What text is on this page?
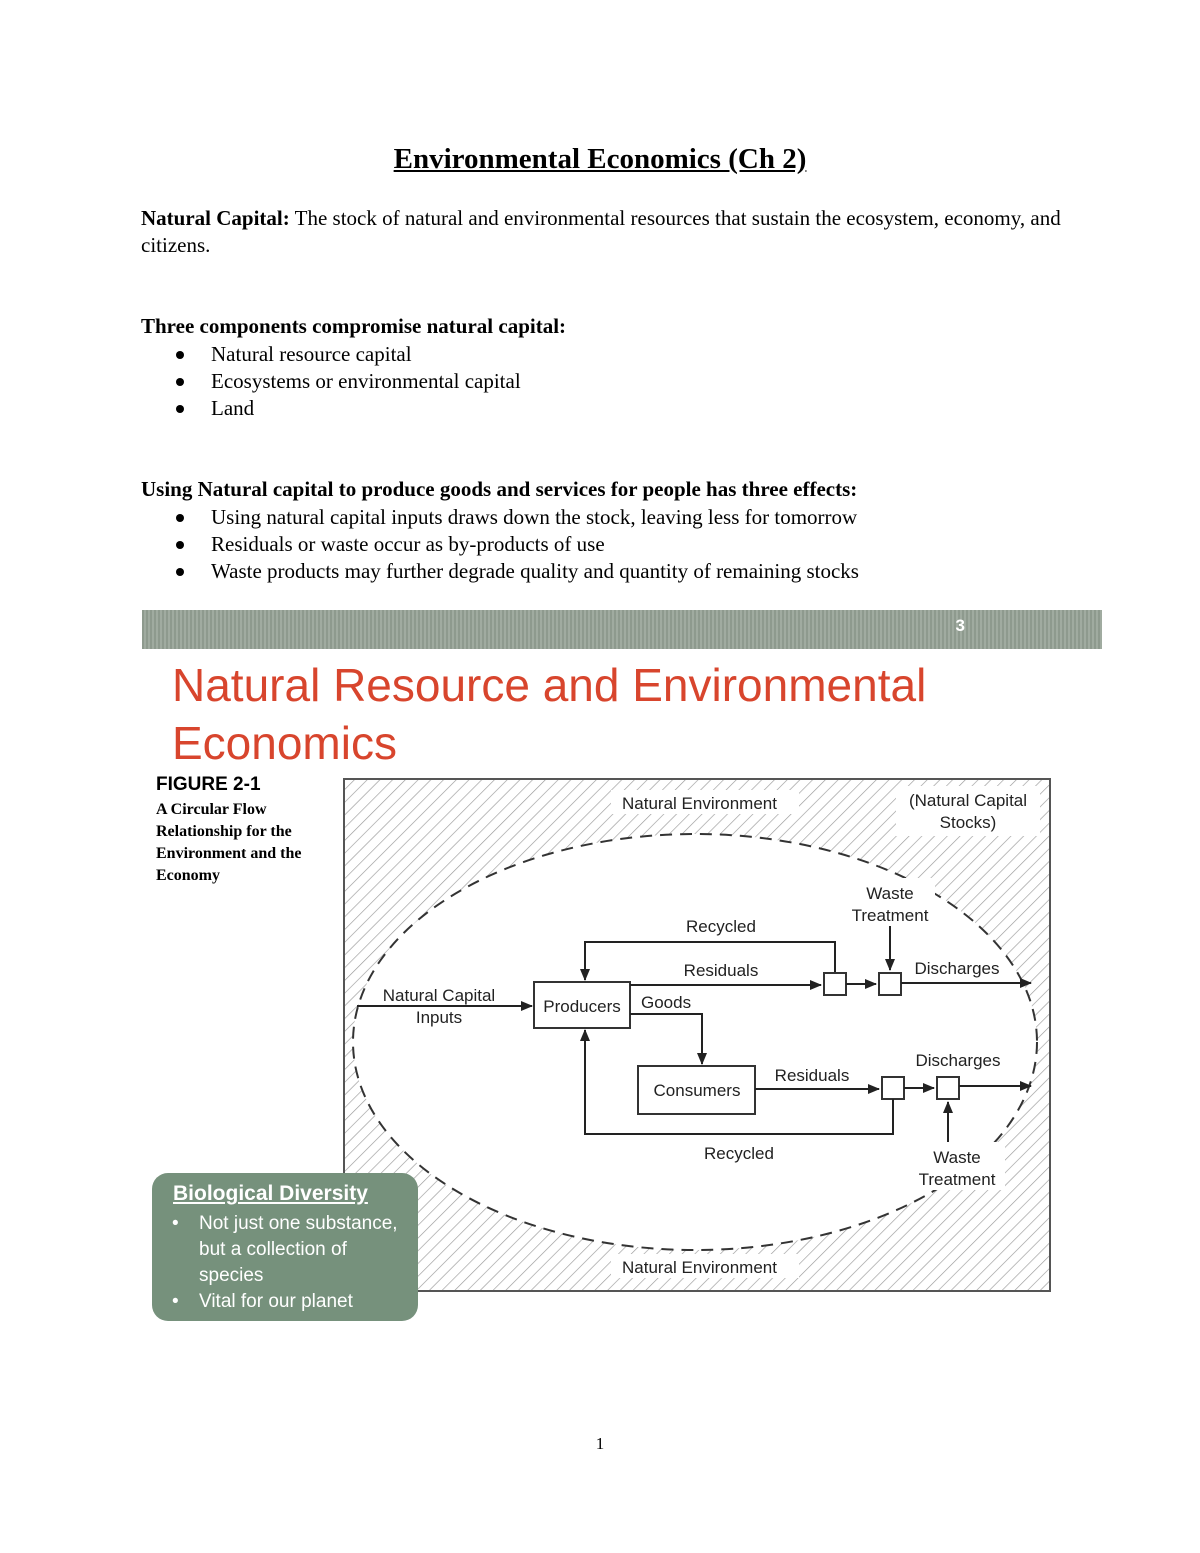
Environmental Economics (Ch 2)

Natural Capital: The stock of natural and environmental resources that sustain the ecosystem, economy, and citizens.

Three components compromise natural capital:

Natural resource capital
Ecosystems or environmental capital
Land

Using Natural capital to produce goods and services for people has three effects:

Using natural capital inputs draws down the stock, leaving less for tomorrow
Residuals or waste occur as by-products of use
Waste products may further degrade quality and quantity of remaining stocks
3
Natural Resource and Environmental Economics
FIGURE 2-1
A Circular Flow Relationship for the Environment and the Economy
Natural Environment	(Natural Capital
Stocks)
Natural Environment
Natural Capital
Inputs
Producers
Recycled
Residuals
Waste
Treatment
Discharges
Goods
Consumers
Residuals
Discharges
Waste
Treatment
Recycled

Biological Diversity

• Not just one substance, but a collection of species
• Vital for our planet

1
